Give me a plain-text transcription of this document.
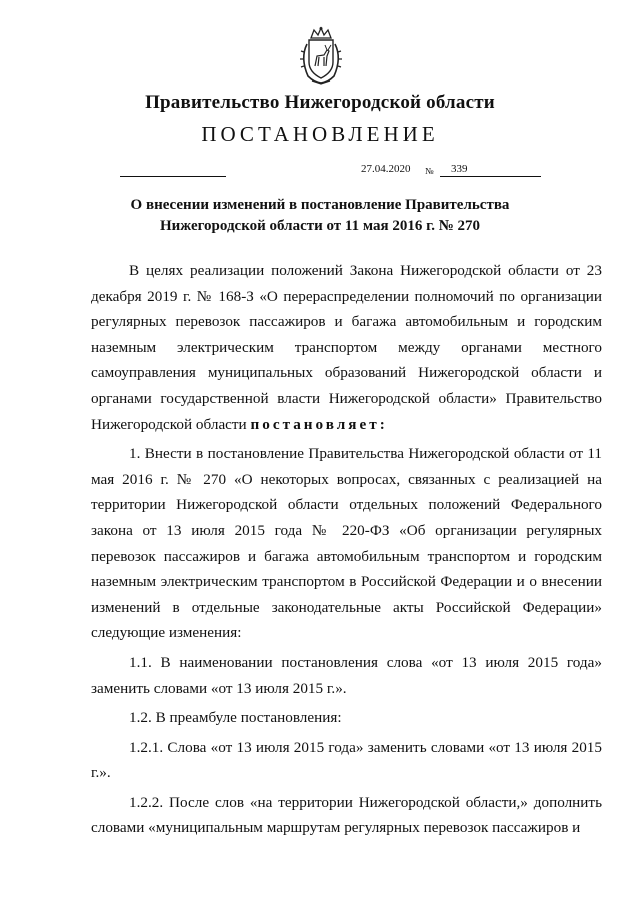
Правительство Нижегородской области
ПОСТАНОВЛЕНИЕ
27.04.2020 № 339
О внесении изменений в постановление Правительства
Нижегородской области от 11 мая 2016 г. № 270

В целях реализации положений Закона Нижегородской области от 23 декабря 2019 г. № 168-З «О перераспределении полномочий по организации регулярных перевозок пассажиров и багажа автомобильным и городским наземным электрическим транспортом между органами местного самоуправления муниципальных образований Нижегородской области и органами государственной власти Нижегородской области» Правительство Нижегородской области постановляет:

1. Внести в постановление Правительства Нижегородской области от 11 мая 2016 г. № 270 «О некоторых вопросах, связанных с реализацией на территории Нижегородской области отдельных положений Федерального закона от 13 июля 2015 года № 220-ФЗ «Об организации регулярных перевозок пассажиров и багажа автомобильным транспортом и городским наземным электрическим транспортом в Российской Федерации и о внесении изменений в отдельные законодательные акты Российской Федерации» следующие изменения:

1.1. В наименовании постановления слова «от 13 июля 2015 года» заменить словами «от 13 июля 2015 г.».

1.2. В преамбуле постановления:

1.2.1. Слова «от 13 июля 2015 года» заменить словами «от 13 июля 2015 г.».

1.2.2. После слов «на территории Нижегородской области,» дополнить словами «муниципальным маршрутам регулярных перевозок пассажиров и
